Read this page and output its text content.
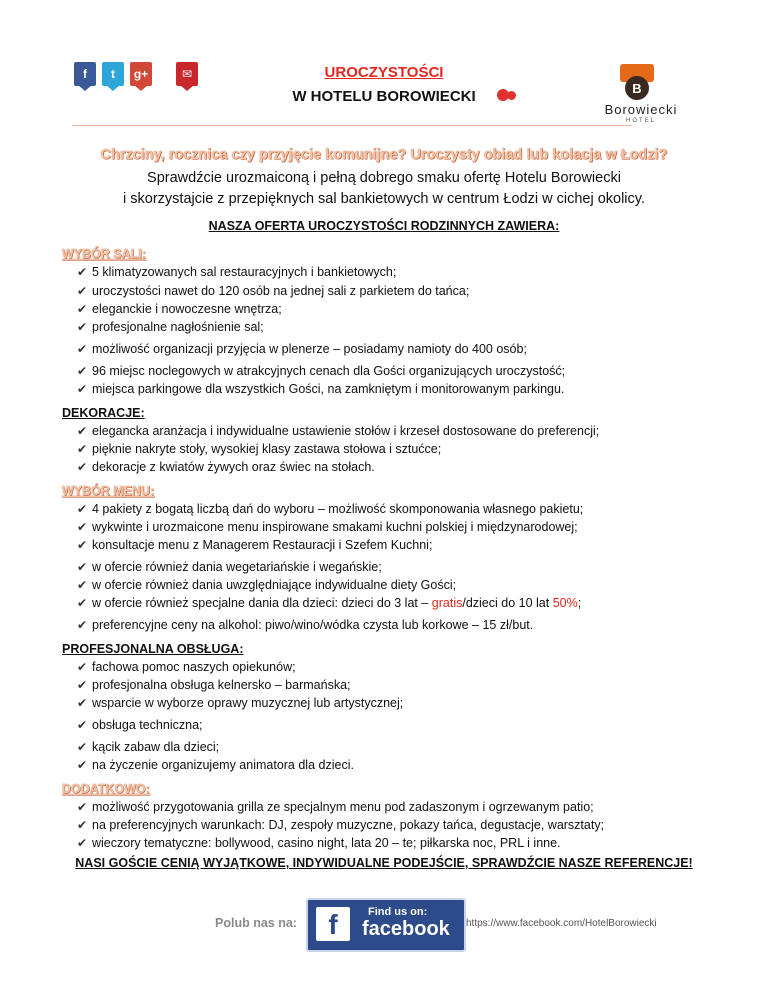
f t g+	✉	UROCZYSTOŚCI
W HOTELU BOROWIECKI	B
Borowiecki
HOTEL
Chrzciny, rocznica czy przyjęcie komunijne? Uroczysty obiad lub kolacja w Łodzi?
Sprawdźcie urozmaiconą i pełną dobrego smaku ofertę Hotelu Borowiecki
i skorzystajcie z przepięknych sal bankietowych w centrum Łodzi w cichej okolicy.
NASZA OFERTA UROCZYSTOŚCI RODZINNYCH ZAWIERA:
WYBÓR SALI:
✔ 5 klimatyzowanych sal restauracyjnych i bankietowych;
✔ uroczystości nawet do 120 osób na jednej sali z parkietem do tańca;
✔ eleganckie i nowoczesne wnętrza;
✔ profesjonalne nagłośnienie sal;
✔ możliwość organizacji przyjęcia w plenerze – posiadamy namioty do 400 osób;
✔ 96 miejsc noclegowych w atrakcyjnych cenach dla Gości organizujących uroczystość;
✔ miejsca parkingowe dla wszystkich Gości, na zamkniętym i monitorowanym parkingu.
DEKORACJE:
✔ elegancka aranżacja i indywidualne ustawienie stołów i krzeseł dostosowane do preferencji;
✔ pięknie nakryte stoły, wysokiej klasy zastawa stołowa i sztućce;
✔ dekoracje z kwiatów żywych oraz świec na stołach.
WYBÓR MENU:
✔ 4 pakiety z bogatą liczbą dań do wyboru – możliwość skomponowania własnego pakietu;
✔ wykwinte i urozmaicone menu inspirowane smakami kuchni polskiej i międzynarodowej;
✔ konsultacje menu z Managerem Restauracji i Szefem Kuchni;
✔ w ofercie również dania wegetariańskie i wegańskie;
✔ w ofercie również dania uwzględniające indywidualne diety Gości;
✔ w ofercie również specjalne dania dla dzieci: dzieci do 3 lat – gratis/dzieci do 10 lat 50%;
✔ preferencyjne ceny na alkohol: piwo/wino/wódka czysta lub korkowe – 15 zł/but.
PROFESJONALNA OBSŁUGA:
✔ fachowa pomoc naszych opiekunów;
✔ profesjonalna obsługa kelnersko – barmańska;
✔ wsparcie w wyborze oprawy muzycznej lub artystycznej;
✔ obsługa techniczna;
✔ kącik zabaw dla dzieci;
✔ na życzenie organizujemy animatora dla dzieci.
DODATKOWO:
✔ możliwość przygotowania grilla ze specjalnym menu pod zadaszonym i ogrzewanym patio;
✔ na preferencyjnych warunkach: DJ, zespoły muzyczne, pokazy tańca, degustacje, warsztaty;
✔ wieczory tematyczne: bollywood, casino night, lata 20 – te; piłkarska noc, PRL i inne.
NASI GOŚCIE CENIĄ WYJĄTKOWE, INDYWIDUALNE PODEJŚCIE, SPRAWDŹCIE NASZE REFERENCJE!
Polub nas na:	f	Find us on:
facebook https://www.facebook.com/HotelBorowiecki
